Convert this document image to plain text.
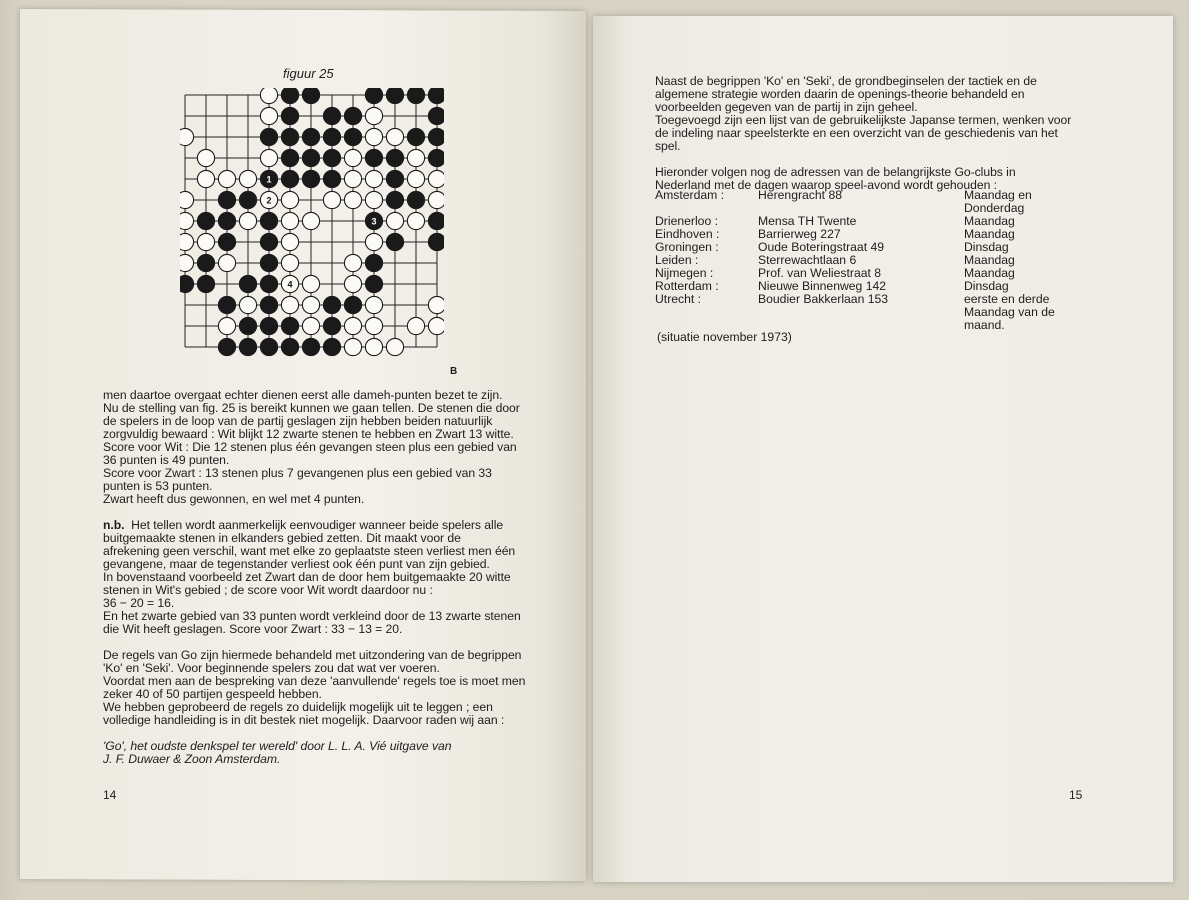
figuur 25
1
2
3
4
B

men daartoe overgaat echter dienen eerst alle dameh-punten bezet te zijn.

Nu de stelling van fig. 25 is bereikt kunnen we gaan tellen. De stenen die door

de spelers in de loop van de partij geslagen zijn hebben beiden natuurlijk

zorgvuldig bewaard : Wit blijkt 12 zwarte stenen te hebben en Zwart 13 witte.

Score voor Wit : Die 12 stenen plus één gevangen steen plus een gebied van

36 punten is 49 punten.

Score voor Zwart : 13 stenen plus 7 gevangenen plus een gebied van 33

punten is 53 punten.

Zwart heeft dus gewonnen, en wel met 4 punten.

n.b. Het tellen wordt aanmerkelijk eenvoudiger wanneer beide spelers alle

buitgemaakte stenen in elkanders gebied zetten. Dit maakt voor de

afrekening geen verschil, want met elke zo geplaatste steen verliest men één

gevangene, maar de tegenstander verliest ook één punt van zijn gebied.

In bovenstaand voorbeeld zet Zwart dan de door hem buitgemaakte 20 witte

stenen in Wit's gebied ; de score voor Wit wordt daardoor nu :

36 − 20 = 16.

En het zwarte gebied van 33 punten wordt verkleind door de 13 zwarte stenen

die Wit heeft geslagen. Score voor Zwart : 33 − 13 = 20.

De regels van Go zijn hiermede behandeld met uitzondering van de begrippen

'Ko' en 'Seki'. Voor beginnende spelers zou dat wat ver voeren.

Voordat men aan de bespreking van deze 'aanvullende' regels toe is moet men

zeker 40 of 50 partijen gespeeld hebben.

We hebben geprobeerd de regels zo duidelijk mogelijk uit te leggen ; een

volledige handleiding is in dit bestek niet mogelijk. Daarvoor raden wij aan :

'Go', het oudste denkspel ter wereld' door L. L. A. Vié uitgave van

J. F. Duwaer & Zoon Amsterdam.

14

Naast de begrippen 'Ko' en 'Seki', de grondbeginselen der tactiek en de

algemene strategie worden daarin de openings-theorie behandeld en

voorbeelden gegeven van de partij in zijn geheel.

Toegevoegd zijn een lijst van de gebruikelijkste Japanse termen, wenken voor

de indeling naar speelsterkte en een overzicht van de geschiedenis van het

spel.

Hieronder volgen nog de adressen van de belangrijkste Go-clubs in

Nederland met de dagen waarop speel-avond wordt gehouden :

Amsterdam :	Herengracht 88	Maandag en
Donderdag
Drienerloo :	Mensa TH Twente	Maandag
Eindhoven :	Barrierweg 227	Maandag
Groningen :	Oude Boteringstraat 49	Dinsdag
Leiden :	Sterrewachtlaan 6	Maandag
Nijmegen :	Prof. van Weliestraat 8	Maandag
Rotterdam :	Nieuwe Binnenweg 142	Dinsdag
Utrecht :	Boudier Bakkerlaan 153	eerste en derde
Maandag van de
maand.
(situatie november 1973)
15
